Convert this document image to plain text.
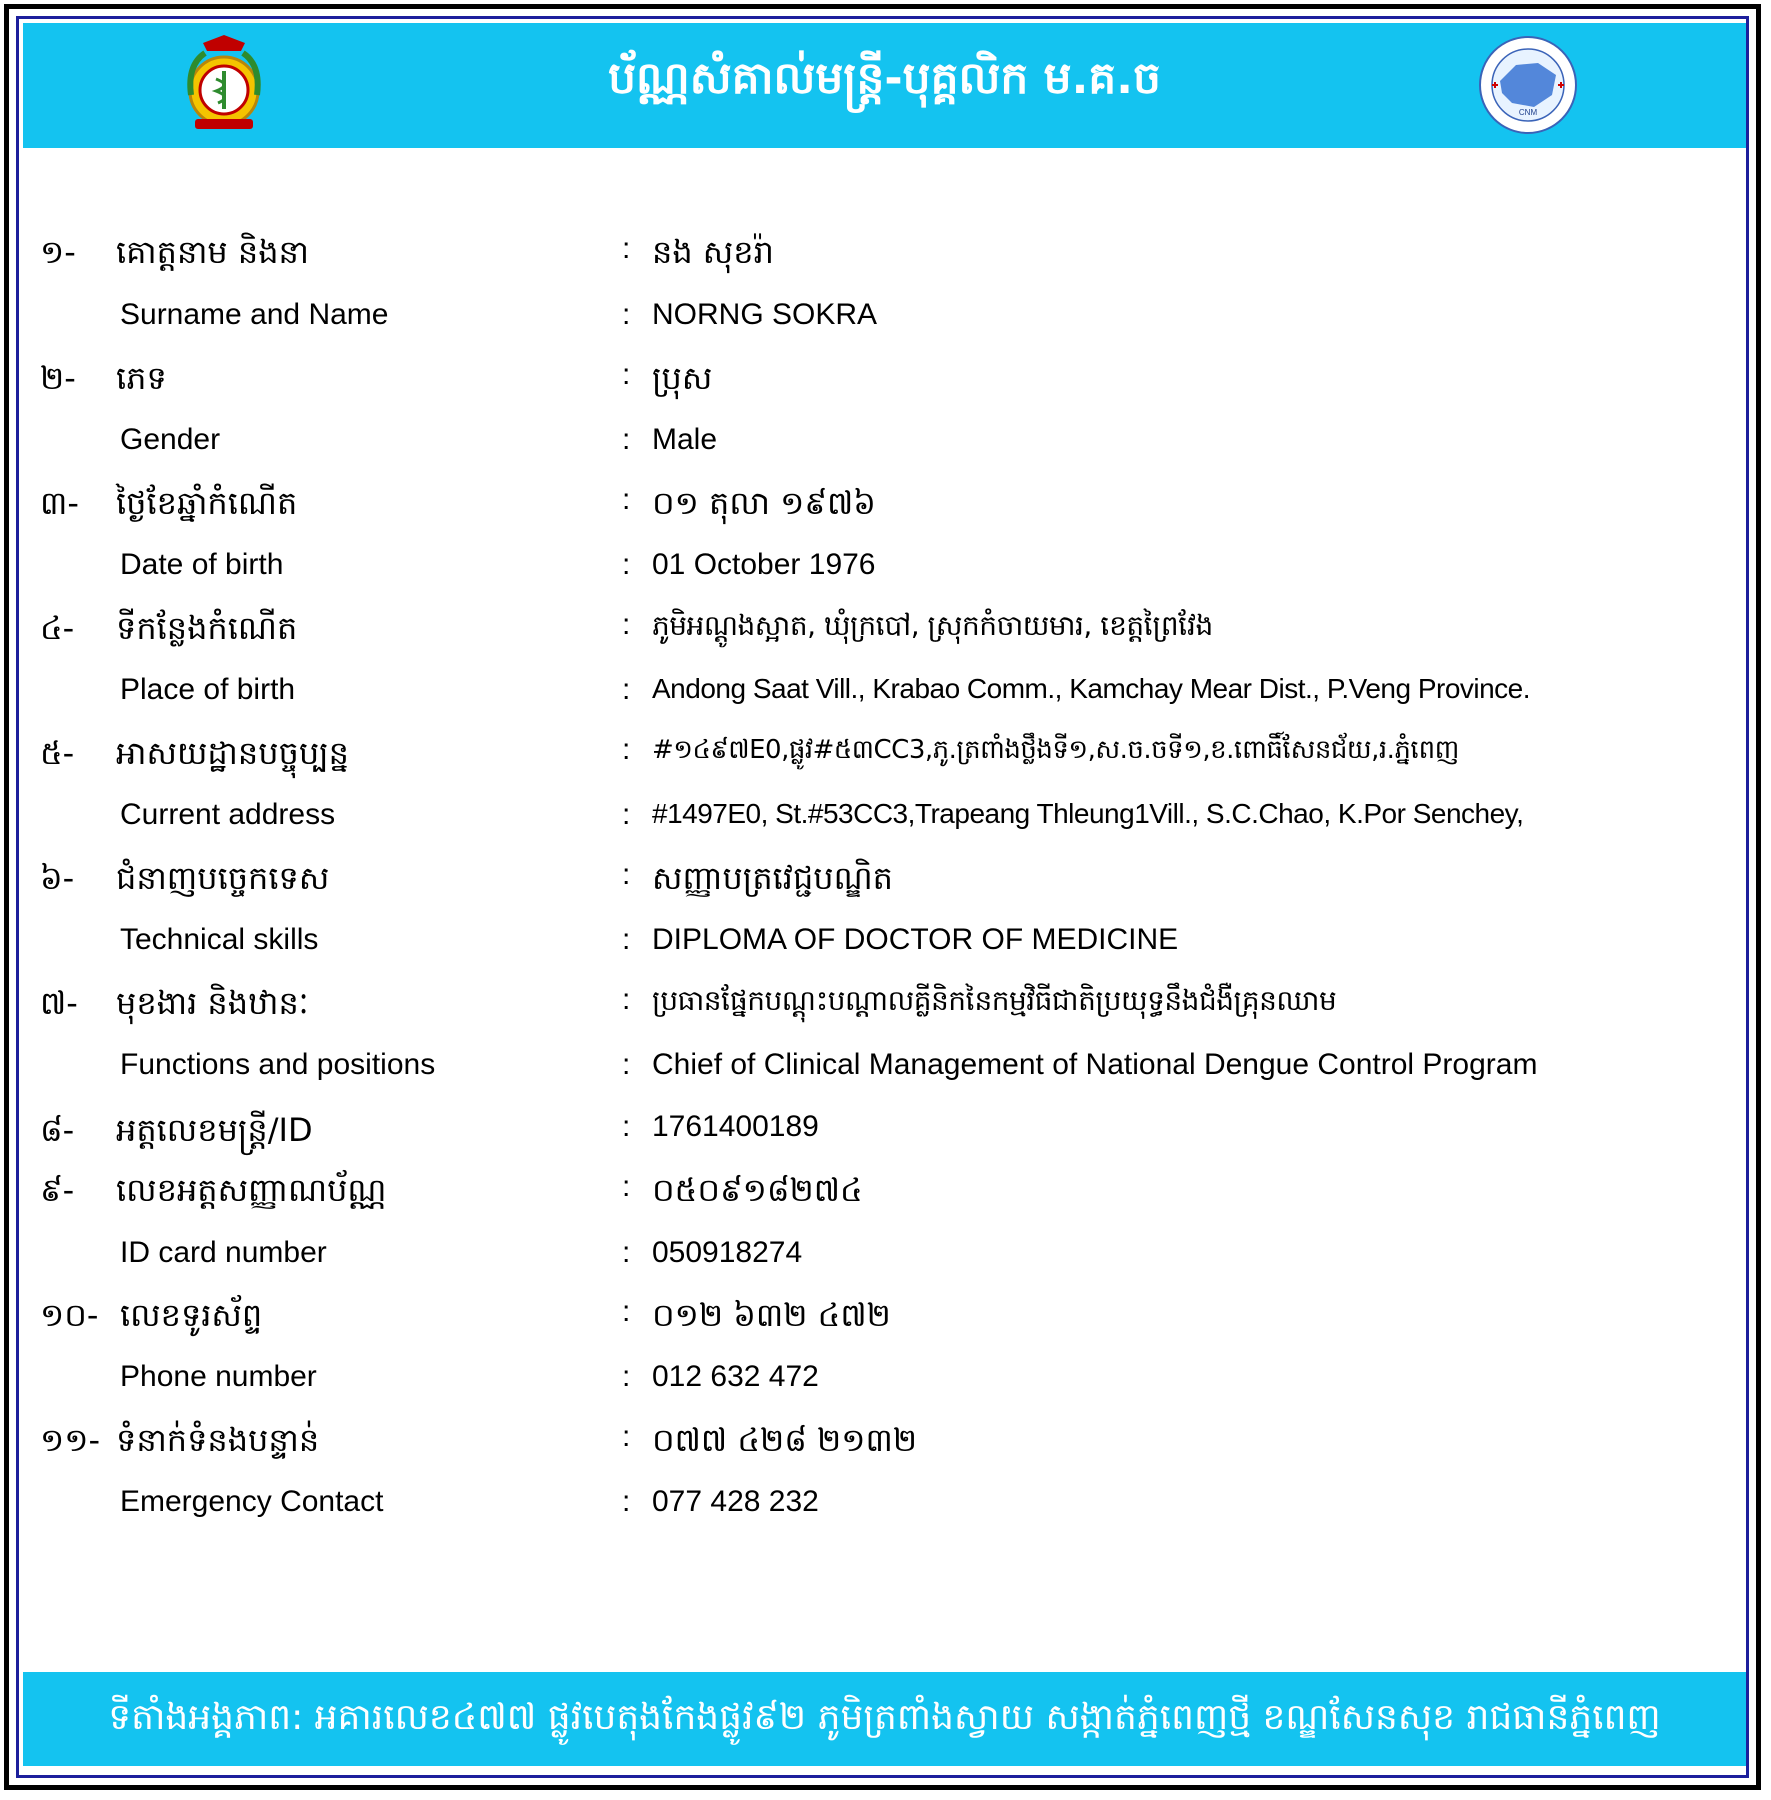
ប័ណ្ណសំគាល់មន្រ្តី-បុគ្គលិក ម.គ.ច
CNM
១- គោត្តនាម និងនា	: នង សុខរ៉ា
Surname and Name	: NORNG SOKRA
២- ភេទ	: ប្រុស
Gender	: Male
៣- ថ្ងៃខែឆ្នាំកំណើត	: ០១ តុលា ១៩៧៦
Date of birth	: 01 October 1976
៤- ទីកន្លែងកំណើត	: ភូមិអណ្តូងស្អាត, ឃុំក្របៅ, ស្រុកកំចាយមារ, ខេត្តព្រៃវែង
Place of birth	: Andong Saat Vill., Krabao Comm., Kamchay Mear Dist., P.Veng Province.
៥- អាសយដ្ឋានបច្ចុប្បន្ន	: #១៤៩៧E0,ផ្លូវ#៥៣CC3,ភូ.ត្រពាំងថ្លឹងទី១,ស.ច.ចទី១,ខ.ពោធិ៍សែនជ័យ,រ.ភ្នំពេញ
Current address	: #1497E0, St.#53CC3,Trapeang Thleung1Vill., S.C.Chao, K.Por Senchey,
៦- ជំនាញបច្ចេកទេស	: សញ្ញាបត្រវេជ្ជបណ្ឌិត
Technical skills	: DIPLOMA OF DOCTOR OF MEDICINE
៧- មុខងារ និងឋានៈ	: ប្រធានផ្នែកបណ្តុះបណ្តាលគ្លីនិកនៃកម្មវិធីជាតិប្រយុទ្ធនឹងជំងឺគ្រុនឈាម
Functions and positions	: Chief of Clinical Management of National Dengue Control Program
៨- អត្តលេខមន្ត្រី/ID	: 1761400189
៩- លេខអត្តសញ្ញាណប័ណ្ណ	: ០៥០៩១៨២៧៤
ID card number	: 050918274
១០- លេខទូរស័ព្ទ	: ០១២ ៦៣២ ៤៧២
Phone number	: 012 632 472
១១- ទំនាក់ទំនងបន្ទាន់	: ០៧៧ ៤២៨ ២១៣២
Emergency Contact	: 077 428 232
ទីតាំងអង្គភាព: អគារលេខ៤៧៧ ផ្លូវបេតុងកែងផ្លូវ៩២ ភូមិត្រពាំងស្វាយ សង្កាត់ភ្នំពេញថ្មី ខណ្ឌសែនសុខ រាជធានីភ្នំពេញ
